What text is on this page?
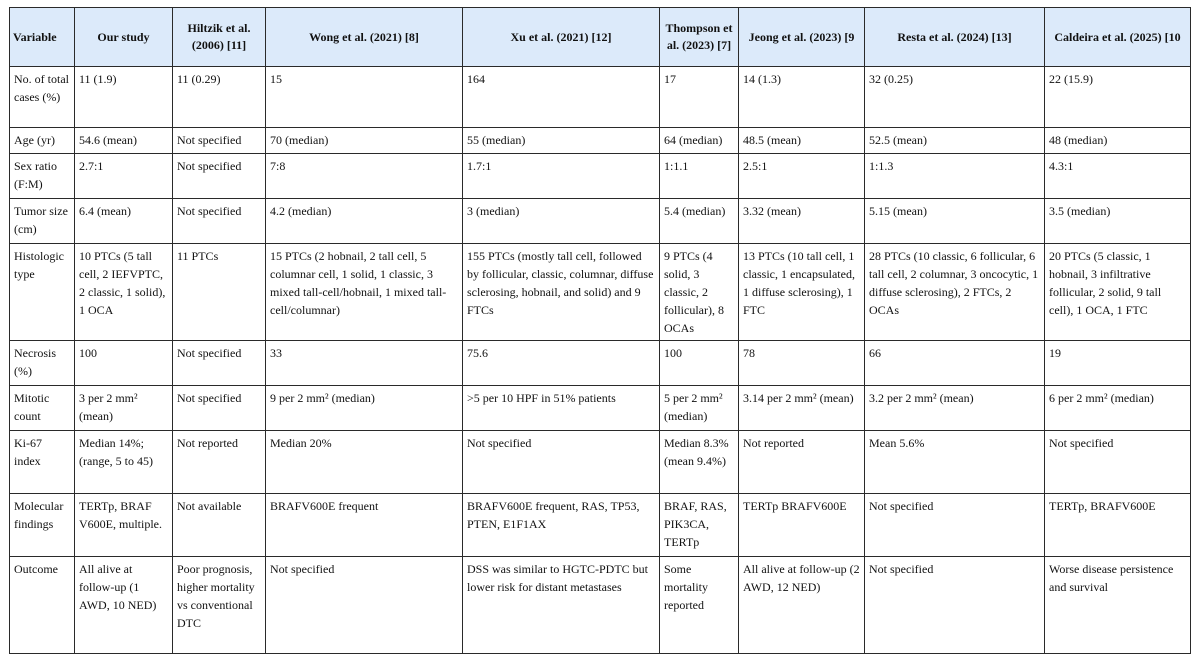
Variable	Our study	Hiltzik et al. (2006) [11]	Wong et al. (2021) [8]	Xu et al. (2021) [12]	Thompson et al. (2023) [7]	Jeong et al. (2023) [9	Resta et al. (2024) [13]	Caldeira et al. (2025) [10
No. of total cases (%)	11 (1.9)	11 (0.29)	15	164	17	14 (1.3)	32 (0.25)	22 (15.9)
Age (yr)	54.6 (mean)	Not specified	70 (median)	55 (median)	64 (median)	48.5 (mean)	52.5 (mean)	48 (median)
Sex ratio (F:M)	2.7:1	Not specified	7:8	1.7:1	1:1.1	2.5:1	1:1.3	4.3:1
Tumor size (cm)	6.4 (mean)	Not specified	4.2 (median)	3 (median)	5.4 (median)	3.32 (mean)	5.15 (mean)	3.5 (median)
Histologic type	10 PTCs (5 tall cell, 2 IEFVPTC, 2 classic, 1 solid), 1 OCA	11 PTCs	15 PTCs (2 hobnail, 2 tall cell, 5 columnar cell, 1 solid, 1 classic, 3 mixed tall-cell/hobnail, 1 mixed tall-cell/columnar)	155 PTCs (mostly tall cell, followed by follicular, classic, columnar, diffuse sclerosing, hobnail, and solid) and 9 FTCs	9 PTCs (4 solid, 3 classic, 2 follicular), 8 OCAs	13 PTCs (10 tall cell, 1 classic, 1 encapsulated, 1 diffuse sclerosing), 1 FTC	28 PTCs (10 classic, 6 follicular, 6 tall cell, 2 columnar, 3 oncocytic, 1 diffuse sclerosing), 2 FTCs, 2 OCAs	20 PTCs (5 classic, 1 hobnail, 3 infiltrative follicular, 2 solid, 9 tall cell), 1 OCA, 1 FTC
Necrosis (%)	100	Not specified	33	75.6	100	78	66	19
Mitotic count	3 per 2 mm² (mean)	Not specified	9 per 2 mm² (median)	>5 per 10 HPF in 51% patients	5 per 2 mm² (median)	3.14 per 2 mm² (mean)	3.2 per 2 mm² (mean)	6 per 2 mm² (median)
Ki-67 index	Median 14%; (range, 5 to 45)	Not reported	Median 20%	Not specified	Median 8.3% (mean 9.4%)	Not reported	Mean 5.6%	Not specified
Molecular findings	TERTp, BRAF V600E, multiple.	Not available	BRAFV600E frequent	BRAFV600E frequent, RAS, TP53, PTEN, E1F1AX	BRAF, RAS, PIK3CA, TERTp	TERTp BRAFV600E	Not specified	TERTp, BRAFV600E
Outcome	All alive at follow-up (1 AWD, 10 NED)	Poor prognosis, higher mortality vs conventional DTC	Not specified	DSS was similar to HGTC-PDTC but lower risk for distant metastases	Some mortality reported	All alive at follow-up (2 AWD, 12 NED)	Not specified	Worse disease persistence and survival
